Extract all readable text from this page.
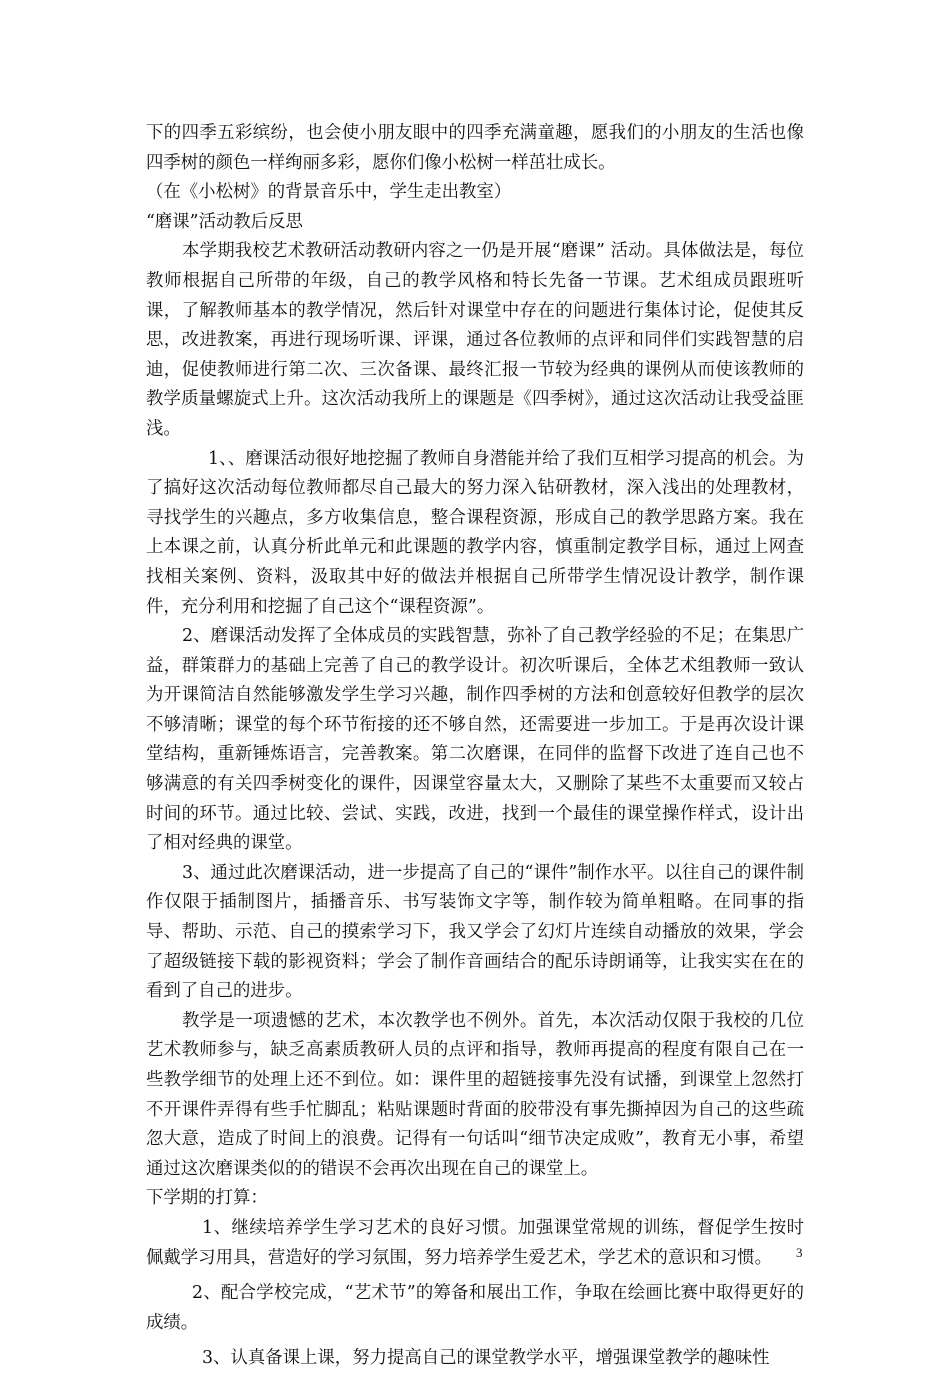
下的四季五彩缤纷，也会使小朋友眼中的四季充满童趣，愿我们的小朋友的生活也像四季树的颜色一样绚丽多彩，愿你们像小松树一样茁壮成长。

（在《小松树》的背景音乐中，学生走出教室）

“磨课”活动教后反思

本学期我校艺术教研活动教研内容之一仍是开展“磨课” 活动。具体做法是，每位教师根据自己所带的年级，自己的教学风格和特长先备一节课。艺术组成员跟班听课，了解教师基本的教学情况，然后针对课堂中存在的问题进行集体讨论，促使其反思，改进教案，再进行现场听课、评课，通过各位教师的点评和同伴们实践智慧的启迪，促使教师进行第二次、三次备课、最终汇报一节较为经典的课例从而使该教师的教学质量螺旋式上升。这次活动我所上的课题是《四季树》，通过这次活动让我受益匪浅。

1、、磨课活动很好地挖掘了教师自身潜能并给了我们互相学习提高的机会。为了搞好这次活动每位教师都尽自己最大的努力深入钻研教材，深入浅出的处理教材，寻找学生的兴趣点，多方收集信息，整合课程资源，形成自己的教学思路方案。我在上本课之前，认真分析此单元和此课题的教学内容，慎重制定教学目标，通过上网查找相关案例、资料，汲取其中好的做法并根据自己所带学生情况设计教学，制作课件，充分利用和挖掘了自己这个“课程资源”。

2、磨课活动发挥了全体成员的实践智慧，弥补了自己教学经验的不足；在集思广益，群策群力的基础上完善了自己的教学设计。初次听课后，全体艺术组教师一致认为开课简洁自然能够激发学生学习兴趣，制作四季树的方法和创意较好但教学的层次不够清晰；课堂的每个环节衔接的还不够自然，还需要进一步加工。于是再次设计课堂结构，重新锤炼语言，完善教案。第二次磨课，在同伴的监督下改进了连自己也不够满意的有关四季树变化的课件，因课堂容量太大，又删除了某些不太重要而又较占时间的环节。通过比较、尝试、实践，改进，找到一个最佳的课堂操作样式，设计出了相对经典的课堂。

3、通过此次磨课活动，进一步提高了自己的“课件”制作水平。以往自己的课件制作仅限于插制图片，插播音乐、书写装饰文字等，制作较为简单粗略。在同事的指导、帮助、示范、自己的摸索学习下，我又学会了幻灯片连续自动播放的效果，学会了超级链接下载的影视资料；学会了制作音画结合的配乐诗朗诵等，让我实实在在的看到了自己的进步。

教学是一项遗憾的艺术，本次教学也不例外。首先，本次活动仅限于我校的几位艺术教师参与，缺乏高素质教研人员的点评和指导，教师再提高的程度有限自己在一些教学细节的处理上还不到位。如：课件里的超链接事先没有试播，到课堂上忽然打不开课件弄得有些手忙脚乱；粘贴课题时背面的胶带没有事先撕掉因为自己的这些疏忽大意，造成了时间上的浪费。记得有一句话叫“细节决定成败”，教育无小事，希望通过这次磨课类似的的错误不会再次出现在自己的课堂上。

下学期的打算：

1、继续培养学生学习艺术的良好习惯。加强课堂常规的训练，督促学生按时佩戴学习用具，营造好的学习氛围，努力培养学生爱艺术，学艺术的意识和习惯。

2、配合学校完成，“艺术节”的筹备和展出工作，争取在绘画比赛中取得更好的成绩。

3、认真备课上课，努力提高自己的课堂教学水平，增强课堂教学的趣味性

3
